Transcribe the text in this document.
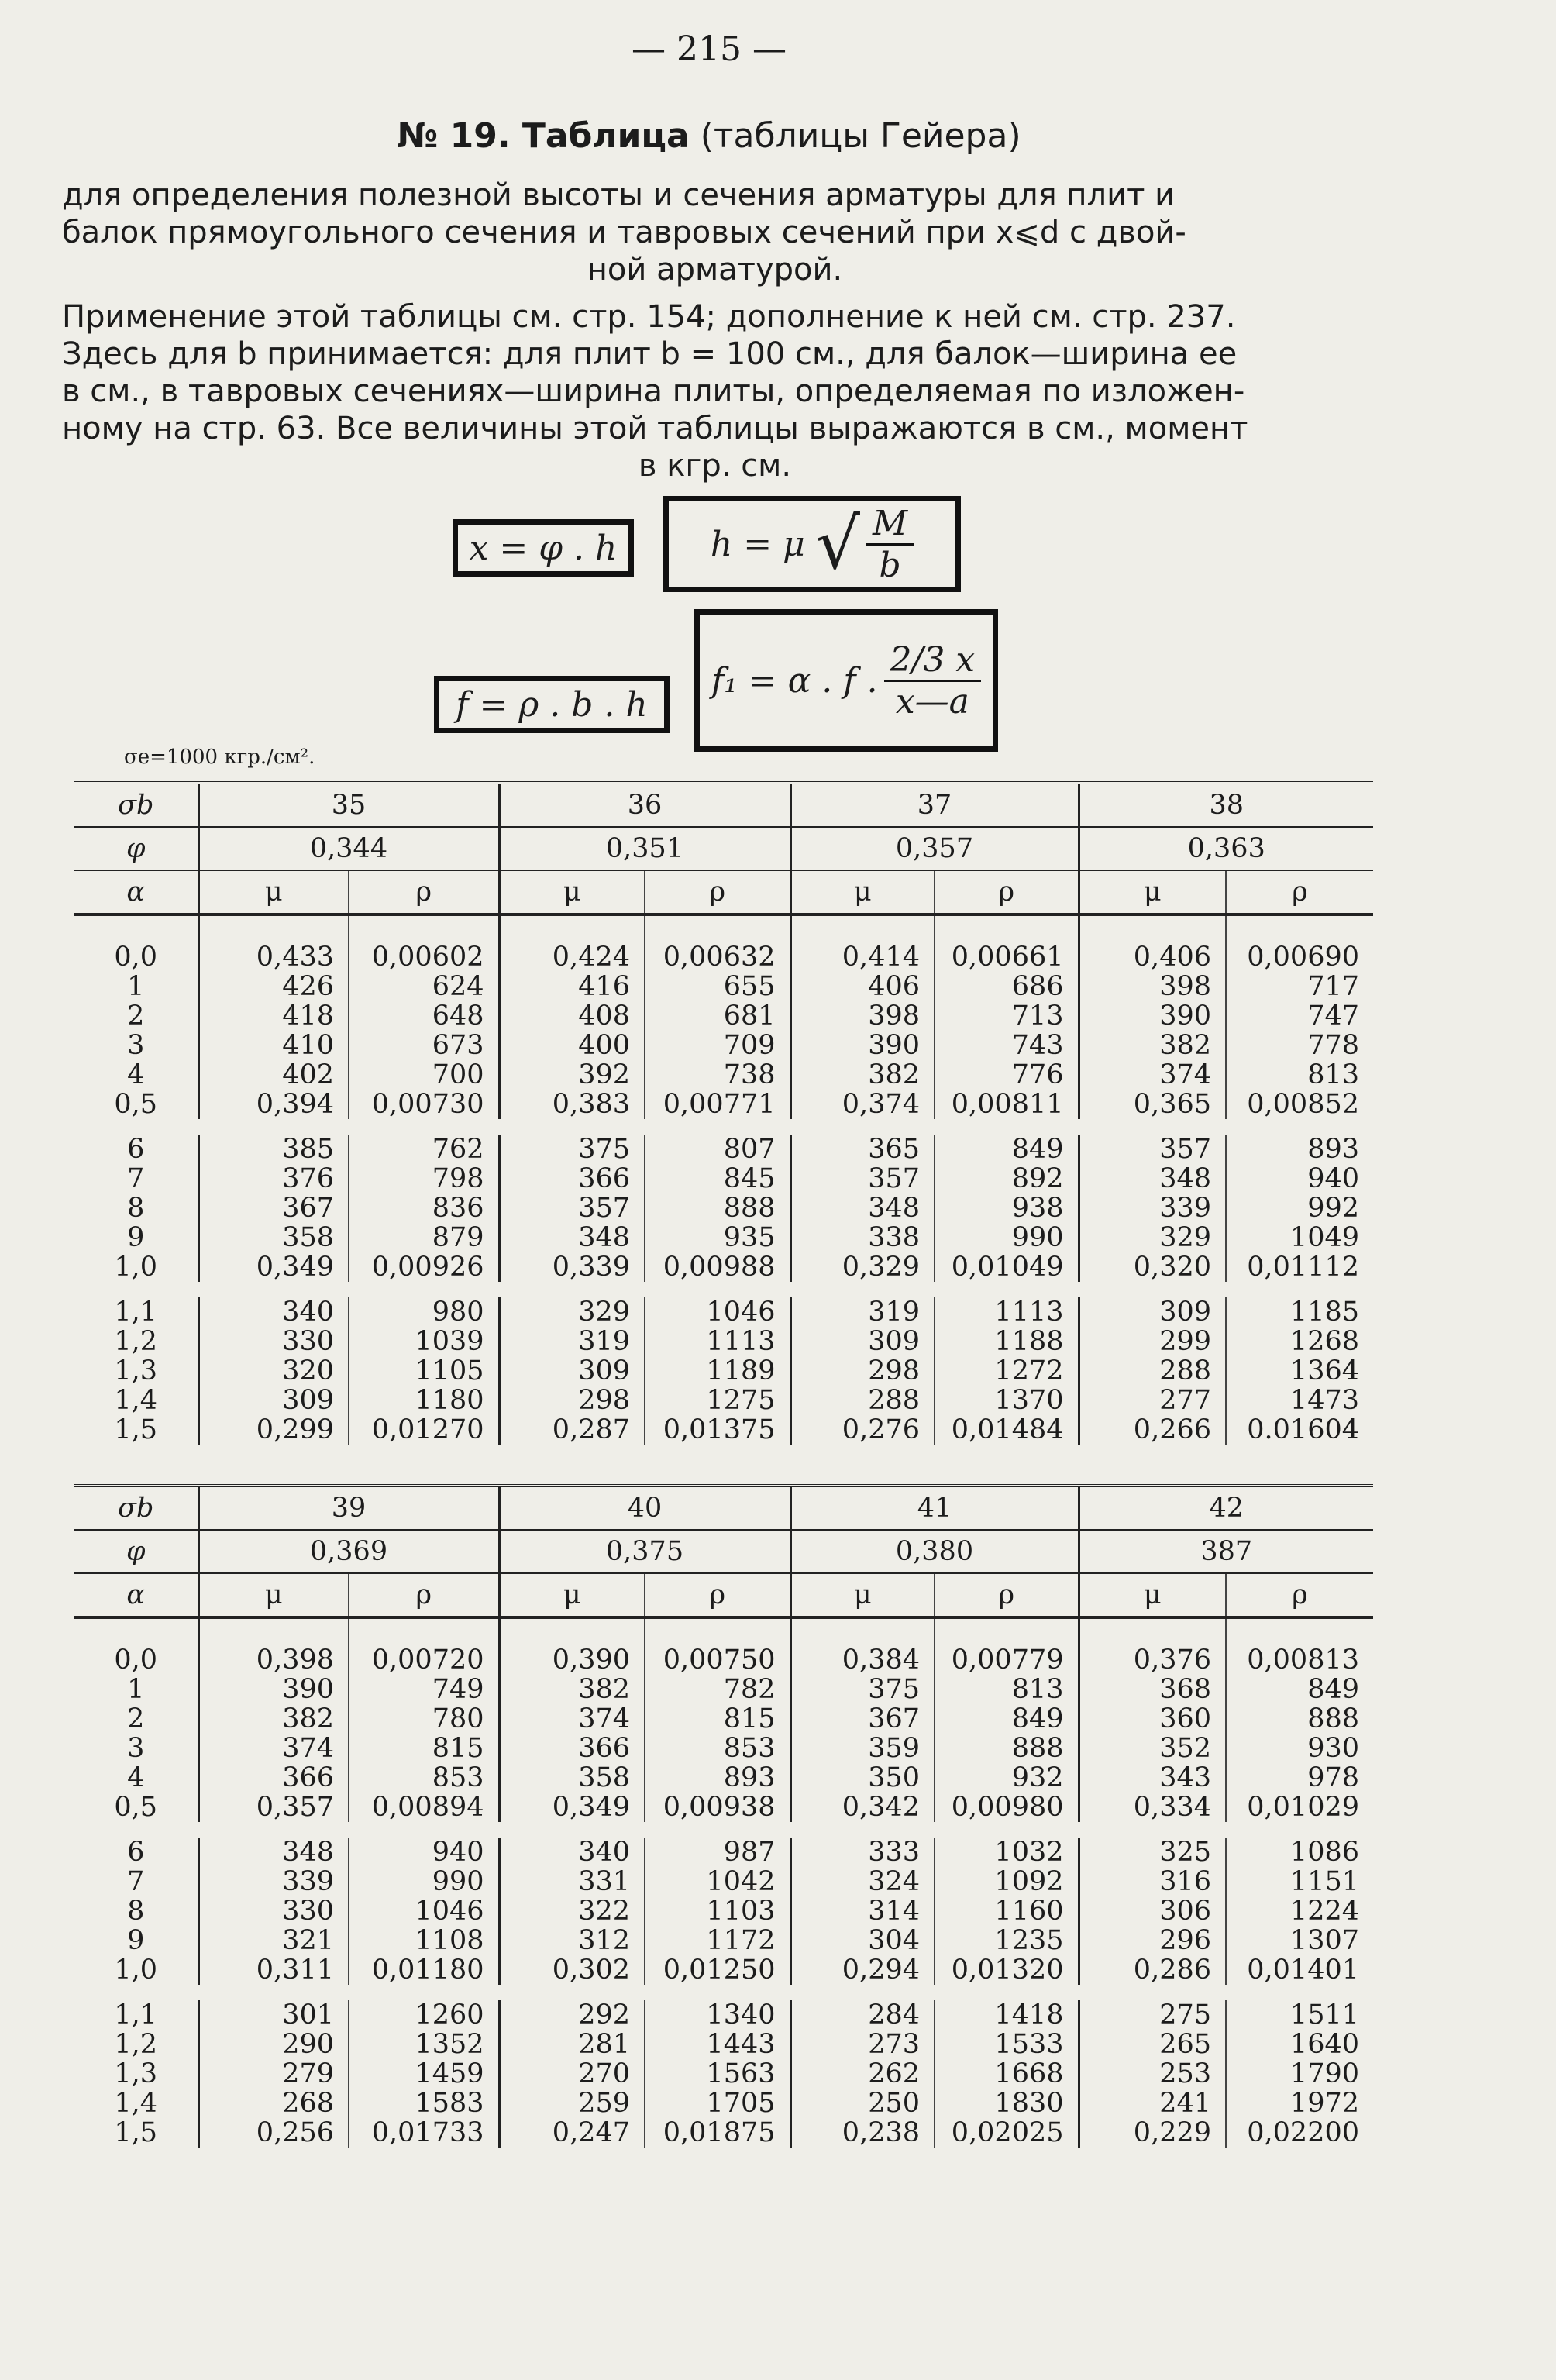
— 215 —
№ 19. Таблица (таблицы Гейера)
для определения полезной высоты и сечения арматуры для плит и
балок прямоугольного сечения и тавровых сечений при x⩽d с двой-
ной арматурой.
Применение этой таблицы см. стр. 154; дополнение к ней см. стр. 237.
Здесь для b принимается: для плит b = 100 см., для балок—ширина ее
в см., в тавровых сечениях—ширина плиты, определяемая по изложен-
ному на стр. 63. Все величины этой таблицы выражаются в см., момент
в кгр. см.
x = φ . h	h = μ √ $\frac{M}{b}$
f = ρ . b . h
f₁ = α . f . $\frac{2/3 x}{x—a}$
σe=1000 кгр./см².
σb	35		36		37		38	
φ	0,344		0,351		0,357		0,363	
α	μ	ρ	μ	ρ	μ	ρ	μ	ρ
0,0	0,433	0,00602	0,424	0,00632	0,414	0,00661	0,406	0,00690
1	426	624	416	655	406	686	398	717
2	418	648	408	681	398	713	390	747
3	410	673	400	709	390	743	382	778
4	402	700	392	738	382	776	374	813
0,5	0,394	0,00730	0,383	0,00771	0,374	0,00811	0,365	0,00852

6	385	762	375	807	365	849	357	893
7	376	798	366	845	357	892	348	940
8	367	836	357	888	348	938	339	992
9	358	879	348	935	338	990	329	1049
1,0	0,349	0,00926	0,339	0,00988	0,329	0,01049	0,320	0,01112

1,1	340	980	329	1046	319	1113	309	1185
1,2	330	1039	319	1113	309	1188	299	1268
1,3	320	1105	309	1189	298	1272	288	1364
1,4	309	1180	298	1275	288	1370	277	1473
1,5	0,299	0,01270	0,287	0,01375	0,276	0,01484	0,266	0.01604
σb	39		40		41		42	
φ	0,369		0,375		0,380		387	
α	μ	ρ	μ	ρ	μ	ρ	μ	ρ
0,0	0,398	0,00720	0,390	0,00750	0,384	0,00779	0,376	0,00813
1	390	749	382	782	375	813	368	849
2	382	780	374	815	367	849	360	888
3	374	815	366	853	359	888	352	930
4	366	853	358	893	350	932	343	978
0,5	0,357	0,00894	0,349	0,00938	0,342	0,00980	0,334	0,01029

6	348	940	340	987	333	1032	325	1086
7	339	990	331	1042	324	1092	316	1151
8	330	1046	322	1103	314	1160	306	1224
9	321	1108	312	1172	304	1235	296	1307
1,0	0,311	0,01180	0,302	0,01250	0,294	0,01320	0,286	0,01401

1,1	301	1260	292	1340	284	1418	275	1511
1,2	290	1352	281	1443	273	1533	265	1640
1,3	279	1459	270	1563	262	1668	253	1790
1,4	268	1583	259	1705	250	1830	241	1972
1,5	0,256	0,01733	0,247	0,01875	0,238	0,02025	0,229	0,02200
